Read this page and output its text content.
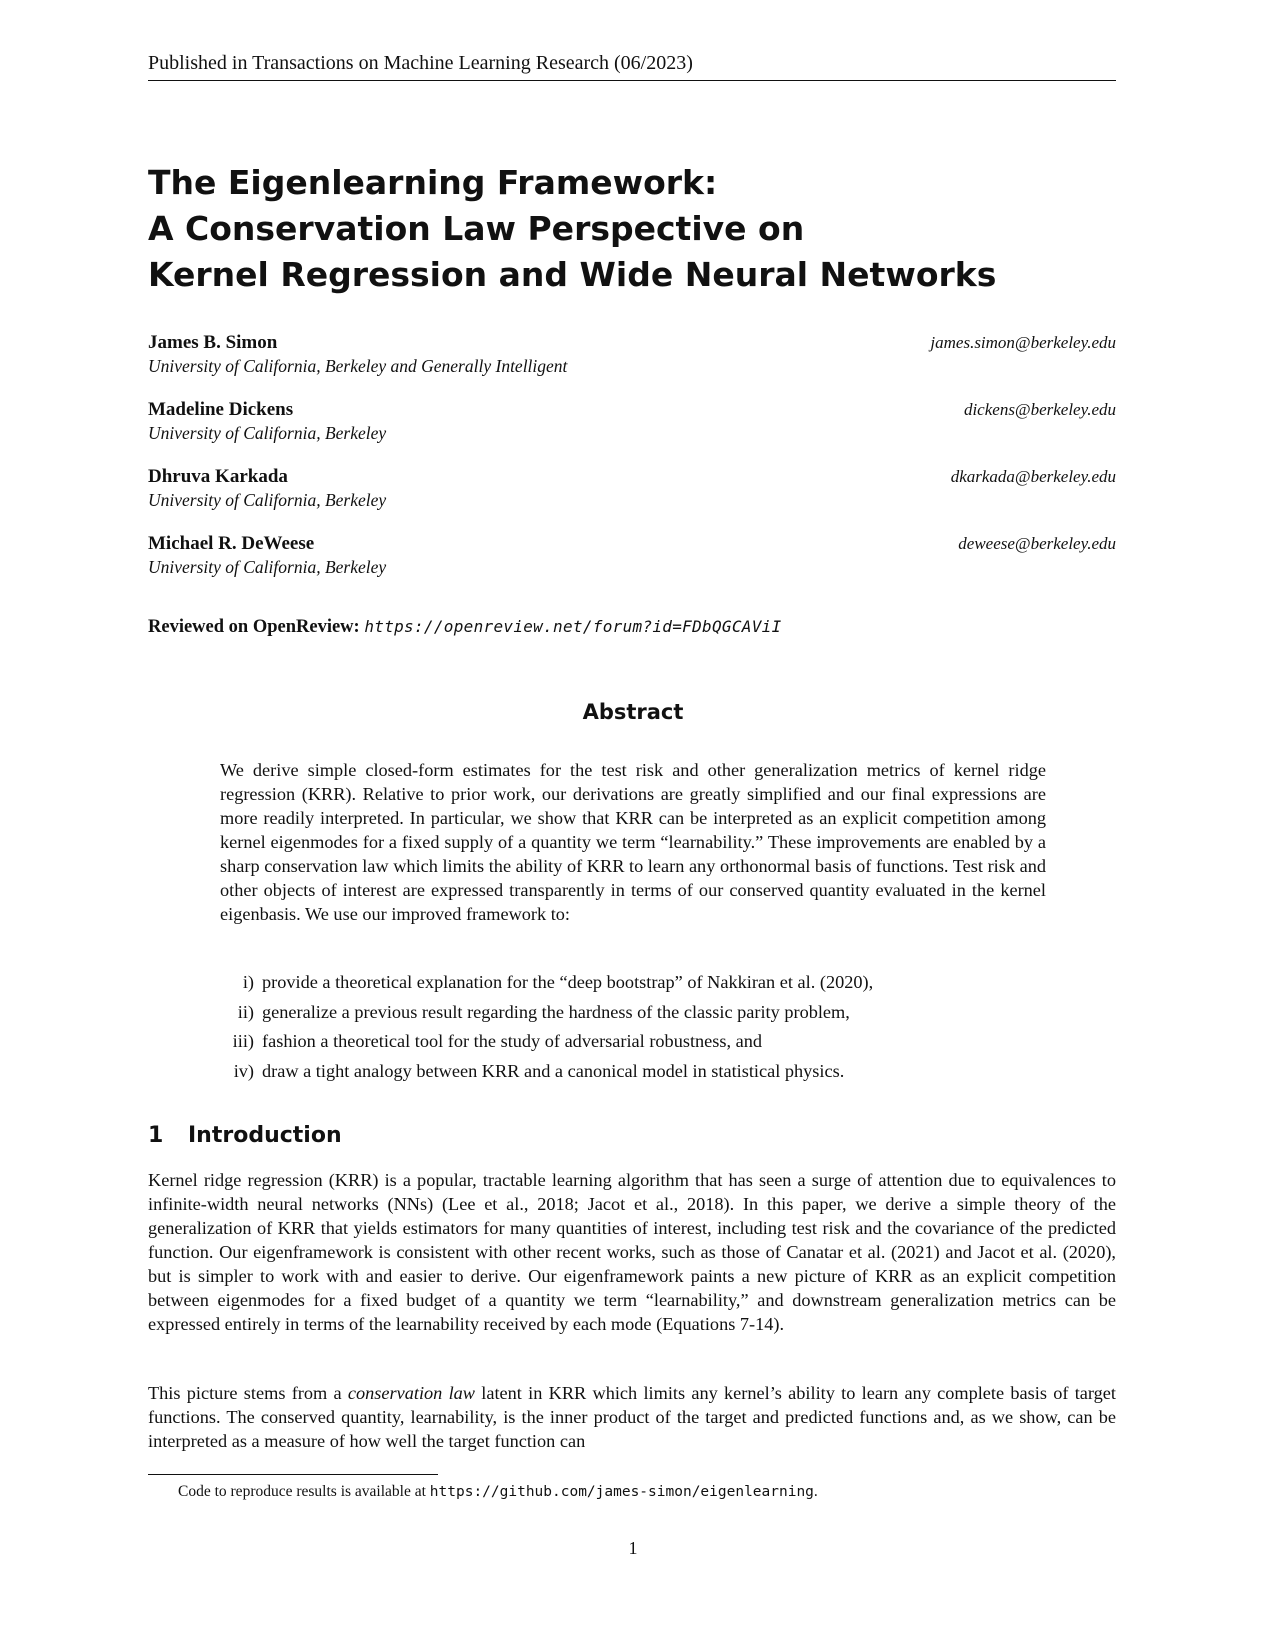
Published in Transactions on Machine Learning Research (06/2023)
The Eigenlearning Framework:
A Conservation Law Perspective on
Kernel Regression and Wide Neural Networks
James B. Simon
University of California, Berkeley and Generally Intelligent
james.simon@berkeley.edu
Madeline Dickens
University of California, Berkeley
dickens@berkeley.edu
Dhruva Karkada
University of California, Berkeley
dkarkada@berkeley.edu
Michael R. DeWeese
University of California, Berkeley
deweese@berkeley.edu
Reviewed on OpenReview: https://openreview.net/forum?id=FDbQGCAViI
Abstract
We derive simple closed-form estimates for the test risk and other generalization metrics of kernel ridge regression (KRR). Relative to prior work, our derivations are greatly simplified and our final expressions are more readily interpreted. In particular, we show that KRR can be interpreted as an explicit competition among kernel eigenmodes for a fixed supply of a quantity we term “learnability.” These improvements are enabled by a sharp conservation law which limits the ability of KRR to learn any orthonormal basis of functions. Test risk and other objects of interest are expressed transparently in terms of our conserved quantity evaluated in the kernel eigenbasis. We use our improved framework to:
i) provide a theoretical explanation for the “deep bootstrap” of Nakkiran et al. (2020),
ii) generalize a previous result regarding the hardness of the classic parity problem,
iii) fashion a theoretical tool for the study of adversarial robustness, and
iv) draw a tight analogy between KRR and a canonical model in statistical physics.
1 Introduction
Kernel ridge regression (KRR) is a popular, tractable learning algorithm that has seen a surge of attention due to equivalences to infinite-width neural networks (NNs) (Lee et al., 2018; Jacot et al., 2018). In this paper, we derive a simple theory of the generalization of KRR that yields estimators for many quantities of interest, including test risk and the covariance of the predicted function. Our eigenframework is consistent with other recent works, such as those of Canatar et al. (2021) and Jacot et al. (2020), but is simpler to work with and easier to derive. Our eigenframework paints a new picture of KRR as an explicit competition between eigenmodes for a fixed budget of a quantity we term “learnability,” and downstream generalization metrics can be expressed entirely in terms of the learnability received by each mode (Equations 7-14).
This picture stems from a conservation law latent in KRR which limits any kernel’s ability to learn any complete basis of target functions. The conserved quantity, learnability, is the inner product of the target and predicted functions and, as we show, can be interpreted as a measure of how well the target function can
Code to reproduce results is available at https://github.com/james-simon/eigenlearning.
1
